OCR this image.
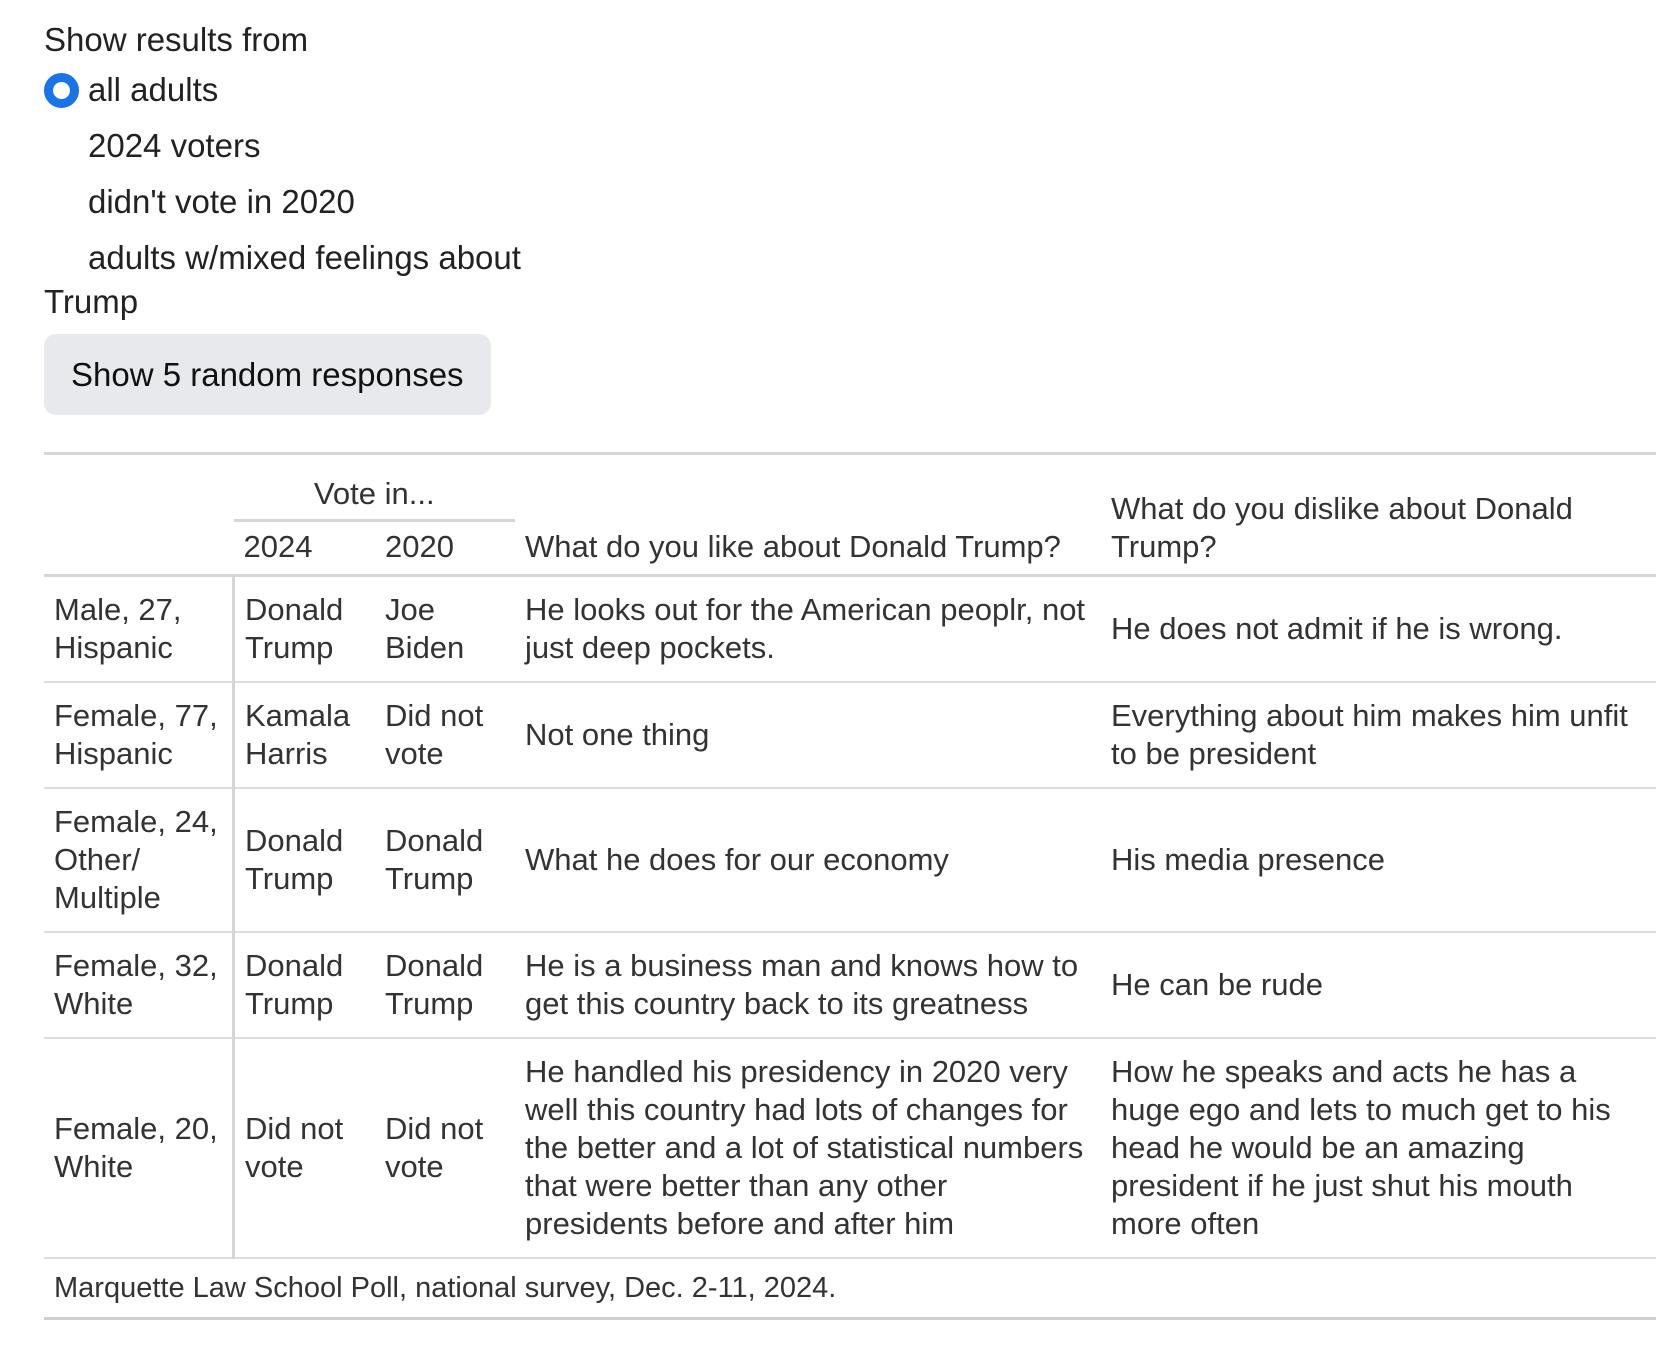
Show results from
all adults
2024 voters
didn't vote in 2020
adults w/mixed feelings about
Trump
Show 5 random responses
	Vote in...		What do you like about Donald Trump?	What do you dislike about Donald Trump?
	2024	2020		
Male, 27, Hispanic	Donald Trump	Joe Biden	He looks out for the American peoplr, not just deep pockets.	He does not admit if he is wrong.
Female, 77, Hispanic	Kamala Harris	Did not vote	Not one thing	Everything about him makes him unfit to be president
Female, 24, Other/ Multiple	Donald Trump	Donald Trump	What he does for our economy	His media presence
Female, 32, White	Donald Trump	Donald Trump	He is a business man and knows how to get this country back to its greatness	He can be rude
Female, 20, White	Did not vote	Did not vote	He handled his presidency in 2020 very well this country had lots of changes for the better and a lot of statistical numbers that were better than any other presidents before and after him	How he speaks and acts he has a huge ego and lets to much get to his head he would be an amazing president if he just shut his mouth more often
Marquette Law School Poll, national survey, Dec. 2-11, 2024.				
